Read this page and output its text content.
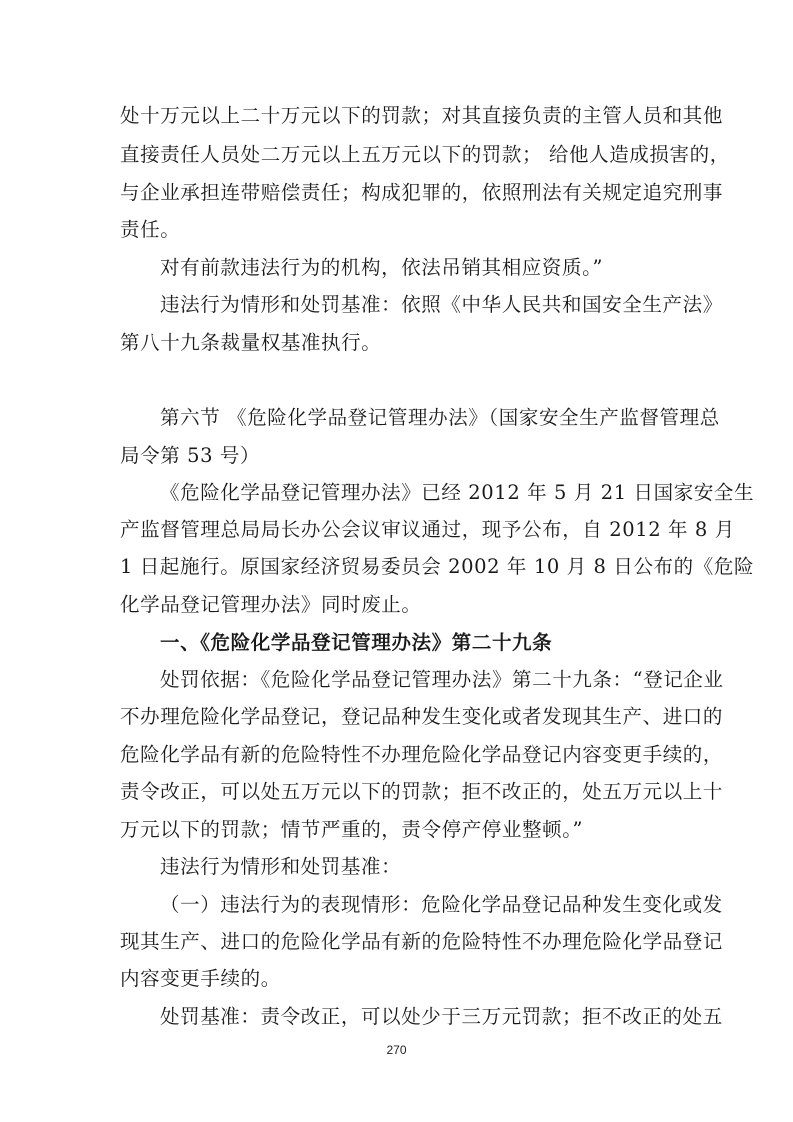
处十万元以上二十万元以下的罚款；对其直接负责的主管人员和其他
直接责任人员处二万元以上五万元以下的罚款； 给他人造成损害的，
与企业承担连带赔偿责任；构成犯罪的，依照刑法有关规定追究刑事
责任。
对有前款违法行为的机构，依法吊销其相应资质。”
违法行为情形和处罚基准：依照《中华人民共和国安全生产法》
第八十九条裁量权基准执行。
第六节 《危险化学品登记管理办法》（国家安全生产监督管理总
局令第 53 号）
《危险化学品登记管理办法》已经 2012 年 5 月 21 日国家安全生
产监督管理总局局长办公会议审议通过，现予公布，自 2012 年 8 月
1 日起施行。原国家经济贸易委员会 2002 年 10 月 8 日公布的《危险
化学品登记管理办法》同时废止。
一、《危险化学品登记管理办法》第二十九条
处罚依据：《危险化学品登记管理办法》第二十九条：“登记企业
不办理危险化学品登记，登记品种发生变化或者发现其生产、进口的
危险化学品有新的危险特性不办理危险化学品登记内容变更手续的，
责令改正，可以处五万元以下的罚款；拒不改正的，处五万元以上十
万元以下的罚款；情节严重的，责令停产停业整顿。”
违法行为情形和处罚基准：
（一）违法行为的表现情形：危险化学品登记品种发生变化或发
现其生产、进口的危险化学品有新的危险特性不办理危险化学品登记
内容变更手续的。
处罚基准：责令改正，可以处少于三万元罚款；拒不改正的处五
270
